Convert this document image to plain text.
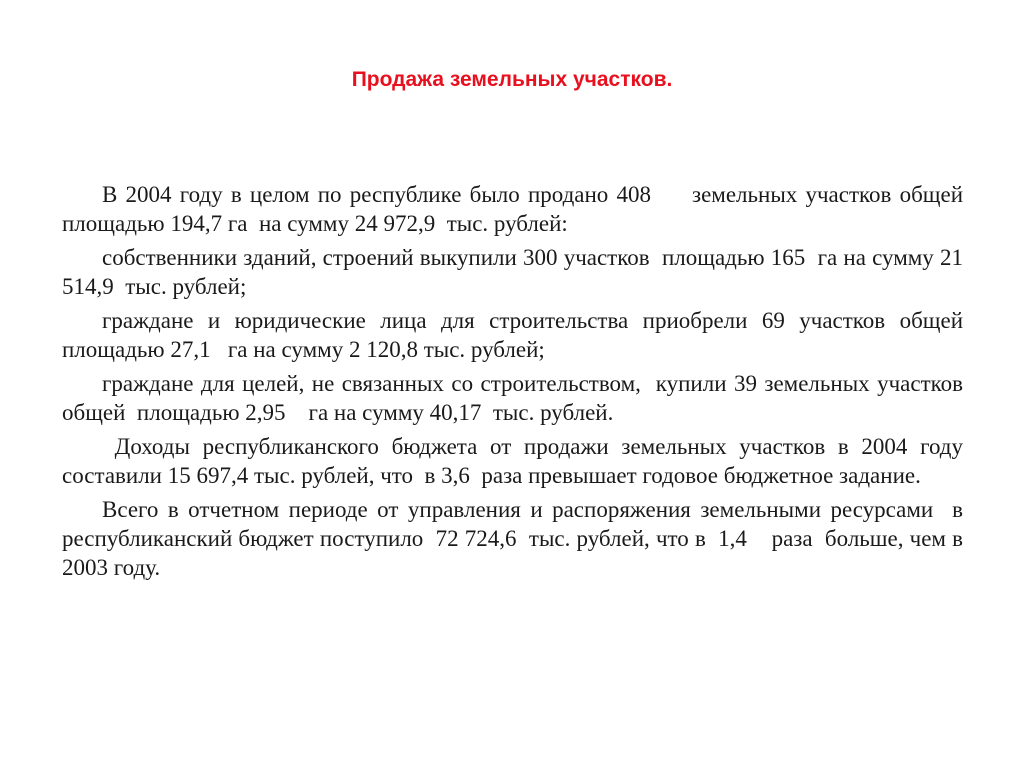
Продажа земельных участков.

В 2004 году в целом по республике было продано 408     земельных участков общей площадью 194,7 га  на сумму 24 972,9  тыс. рублей:

собственники зданий, строений выкупили 300 участков  площадью 165  га на сумму 21 514,9  тыс. рублей;

граждане и юридические лица для строительства приобрели 69 участков общей площадью 27,1   га на сумму 2 120,8 тыс. рублей;

граждане для целей, не связанных со строительством,  купили 39 земельных участков общей  площадью 2,95    га на сумму 40,17  тыс. рублей.

Доходы республиканского бюджета от продажи земельных участков в 2004 году составили 15 697,4 тыс. рублей, что  в 3,6  раза превышает годовое бюджетное задание.

Всего в отчетном периоде от управления и распоряжения земельными ресурсами  в республиканский бюджет поступило  72 724,6  тыс. рублей, что в  1,4    раза  больше, чем в 2003 году.
